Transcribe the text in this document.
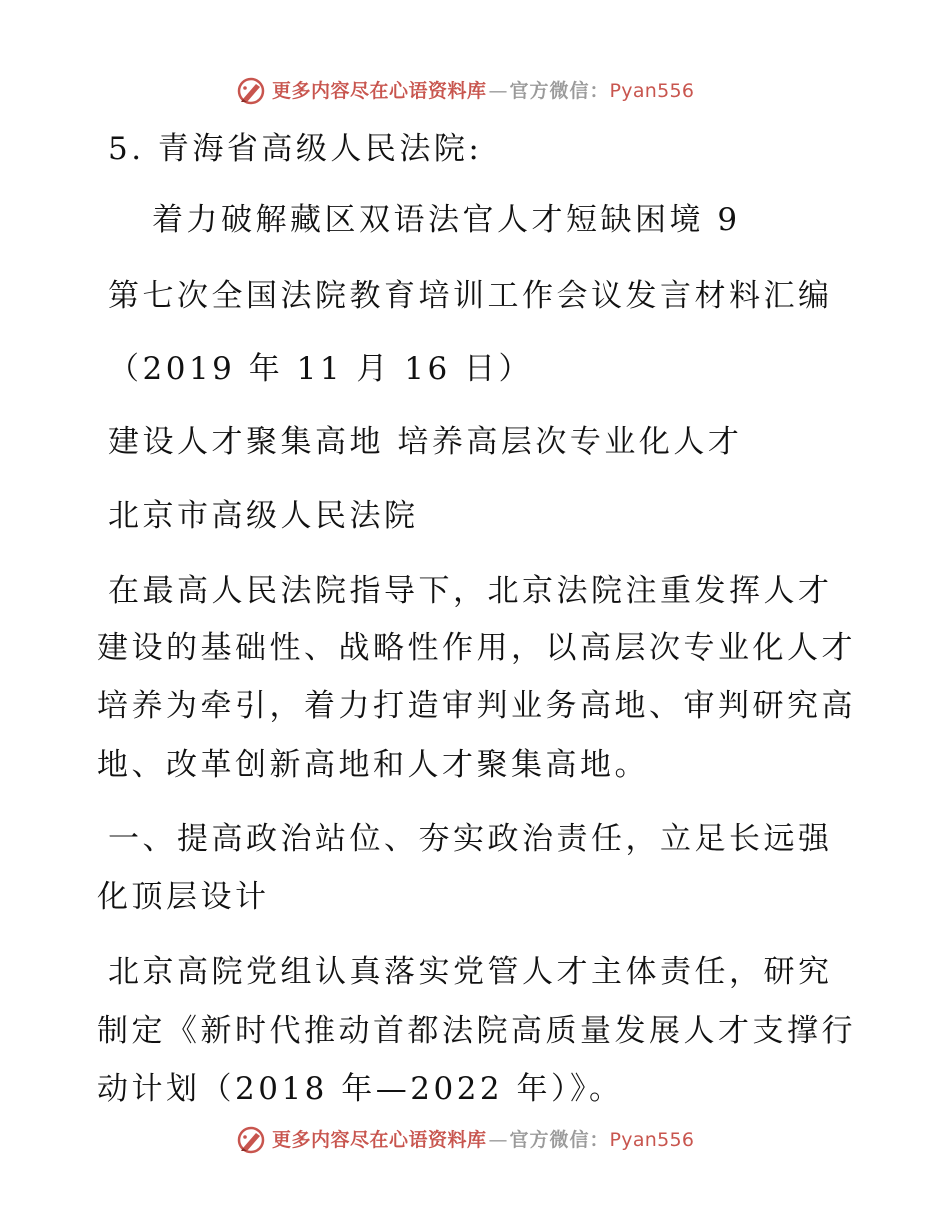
更多内容尽在心语资料库 — 官方微信： Pyan556
5. 青海省高级人民法院:
着力破解藏区双语法官人才短缺困境 9
第七次全国法院教育培训工作会议发言材料汇编
（2019 年 11 月 16 日）
建设人才聚集高地 培养高层次专业化人才
北京市高级人民法院
在最高人民法院指导下，北京法院注重发挥人才
建设的基础性、战略性作用，以高层次专业化人才
培养为牵引，着力打造审判业务高地、审判研究高
地、改革创新高地和人才聚集高地。
一、提高政治站位、夯实政治责任，立足长远强
化顶层设计
北京高院党组认真落实党管人才主体责任，研究
制定《新时代推动首都法院高质量发展人才支撑行
动计划（2018 年—2022 年）》。
更多内容尽在心语资料库 — 官方微信： Pyan556
